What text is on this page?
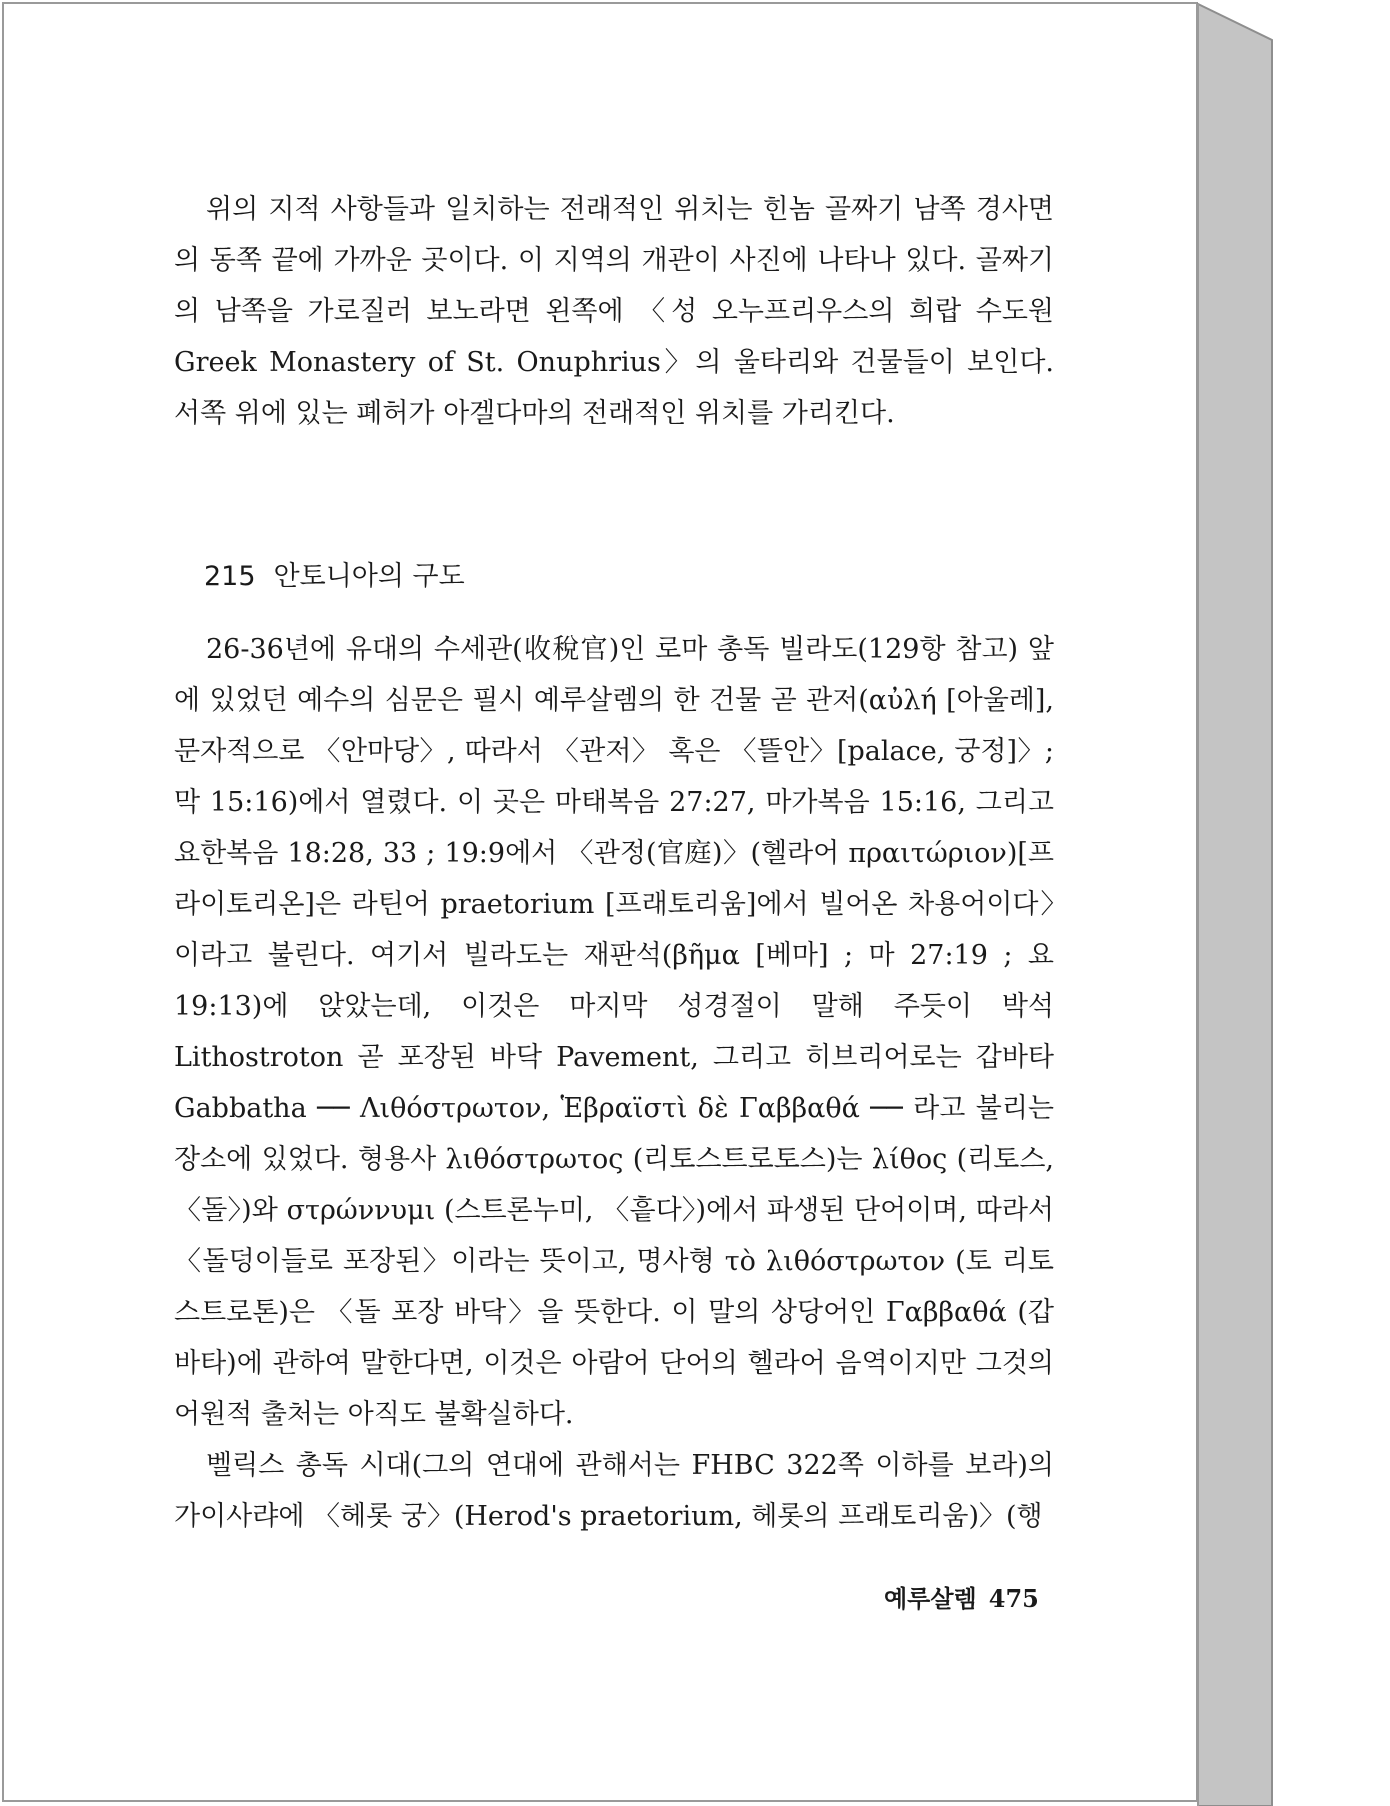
위의 지적 사항들과 일치하는 전래적인 위치는 힌놈 골짜기 남쪽 경사면의 동쪽 끝에 가까운 곳이다. 이 지역의 개관이 사진에 나타나 있다. 골짜기의 남쪽을 가로질러 보노라면 왼쪽에 〈성 오누프리우스의 희랍 수도원 Greek Monastery of St. Onuphrius〉의 울타리와 건물들이 보인다. 서쪽 위에 있는 폐허가 아겔다마의 전래적인 위치를 가리킨다.

215 안토니아의 구도

26-36년에 유대의 수세관(收稅官)인 로마 총독 빌라도(129항 참고) 앞에 있었던 예수의 심문은 필시 예루살렘의 한 건물 곧 관저(αὐλή [아울레], 문자적으로 〈안마당〉, 따라서 〈관저〉 혹은 〈뜰안〉[palace, 궁정]〉; 막 15:16)에서 열렸다. 이 곳은 마태복음 27:27, 마가복음 15:16, 그리고 요한복음 18:28, 33 ; 19:9에서 〈관정(官庭)〉(헬라어 πραιτώριον)[프라이토리온]은 라틴어 praetorium [프래토리움]에서 빌어온 차용어이다〉이라고 불린다. 여기서 빌라도는 재판석(βῆμα [베마] ; 마 27:19 ; 요 19:13)에 앉았는데, 이것은 마지막 성경절이 말해 주듯이 박석 Lithostroton 곧 포장된 바닥 Pavement, 그리고 히브리어로는 갑바타 Gabbatha ── Λιθόστρωτον, Ἑβραϊστὶ δὲ Γαββαθά ── 라고 불리는 장소에 있었다. 형용사 λιθόστρωτος (리토스트로토스)는 λίθος (리토스, 〈돌〉)와 στρώννυμι (스트론누미, 〈흩다〉)에서 파생된 단어이며, 따라서 〈돌덩이들로 포장된〉이라는 뜻이고, 명사형 τὸ λιθόστρωτον (토 리토스트로톤)은 〈돌 포장 바닥〉을 뜻한다. 이 말의 상당어인 Γαββαθά (갑바타)에 관하여 말한다면, 이것은 아람어 단어의 헬라어 음역이지만 그것의 어원적 출처는 아직도 불확실하다.

벨릭스 총독 시대(그의 연대에 관해서는 FHBC 322쪽 이하를 보라)의 가이사랴에 〈헤롯 궁〉(Herod's praetorium, 헤롯의 프래토리움)〉(행

예루살렘 475
